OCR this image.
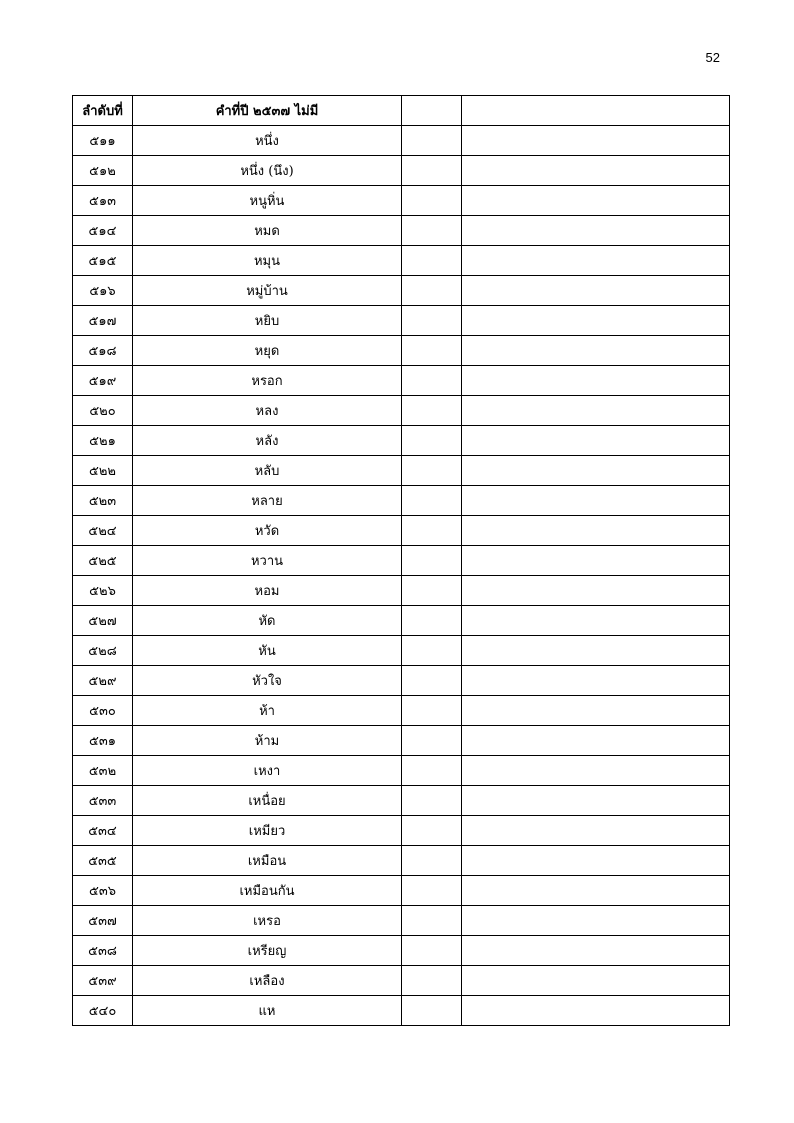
52
ลำดับที่	คำที่ปี ๒๕๓๗ ไม่มี		
๕๑๑	หนึ่ง		
๕๑๒	หนึ่ง (นึง)		
๕๑๓	หนูหิ่น		
๕๑๔	หมด		
๕๑๕	หมุน		
๕๑๖	หมู่บ้าน		
๕๑๗	หยิบ		
๕๑๘	หยุด		
๕๑๙	หรอก		
๕๒๐	หลง		
๕๒๑	หลัง		
๕๒๒	หลับ		
๕๒๓	หลาย		
๕๒๔	หวัด		
๕๒๕	หวาน		
๕๒๖	หอม		
๕๒๗	หัด		
๕๒๘	หัน		
๕๒๙	หัวใจ		
๕๓๐	ห้า		
๕๓๑	ห้าม		
๕๓๒	เหงา		
๕๓๓	เหนื่อย		
๕๓๔	เหมียว		
๕๓๕	เหมือน		
๕๓๖	เหมือนกัน		
๕๓๗	เหรอ		
๕๓๘	เหรียญ		
๕๓๙	เหลือง		
๕๔๐	แห		
